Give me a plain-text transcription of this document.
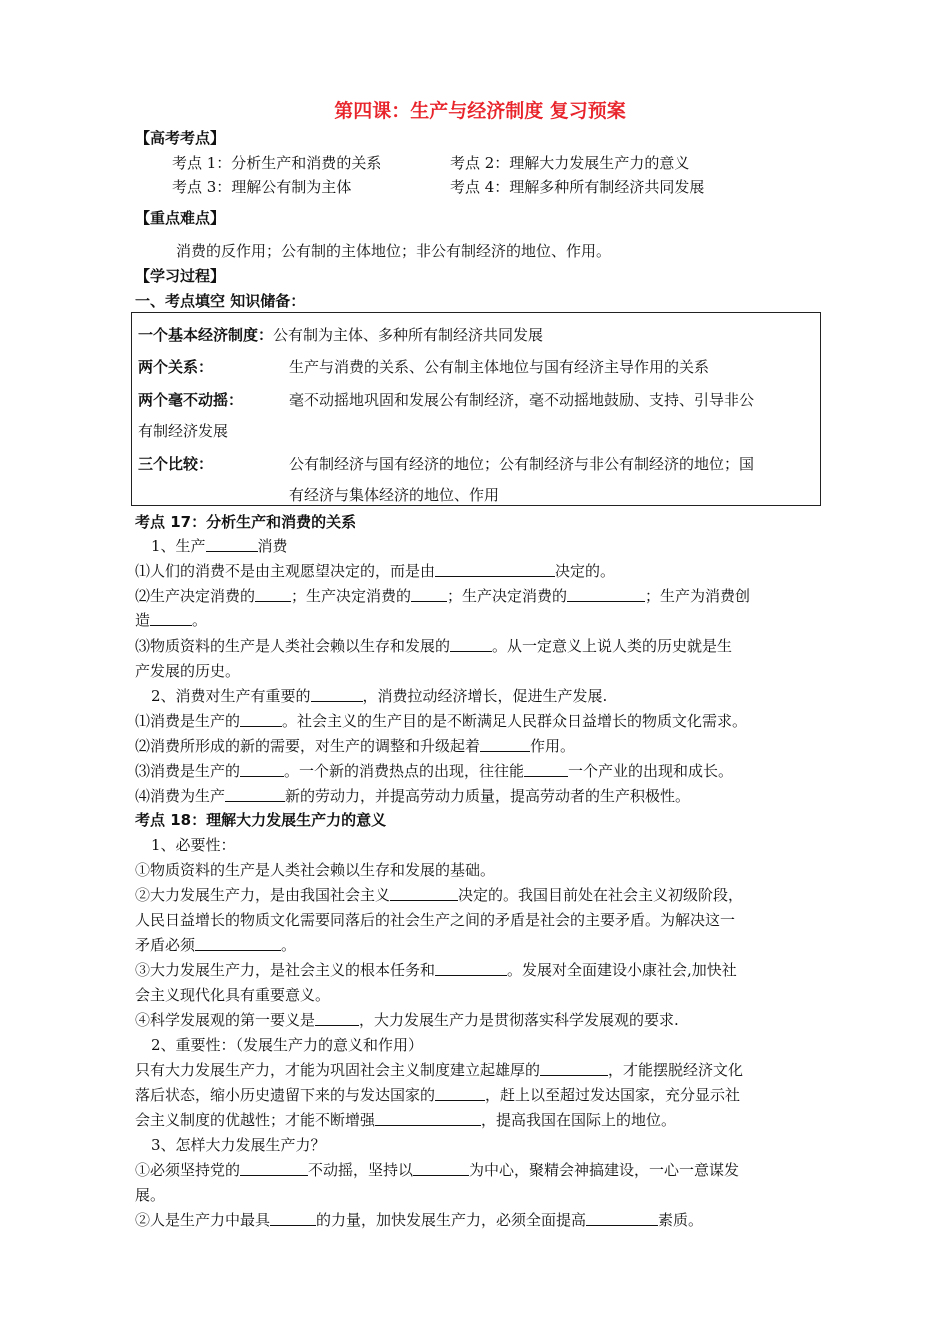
第四课：生产与经济制度 复习预案
【高考考点】
考点 1：分析生产和消费的关系	考点 2：理解大力发展生产力的意义
考点 3：理解公有制为主体	考点 4：理解多种所有制经济共同发展
【重点难点】
消费的反作用；公有制的主体地位；非公有制经济的地位、作用。
【学习过程】
一、考点填空 知识储备：
一个基本经济制度：公有制为主体、多种所有制经济共同发展
两个关系：	生产与消费的关系、公有制主体地位与国有经济主导作用的关系
两个毫不动摇：	毫不动摇地巩固和发展公有制经济，毫不动摇地鼓励、支持、引导非公
有制经济发展
三个比较：	公有制经济与国有经济的地位；公有制经济与非公有制经济的地位；国
有经济与集体经济的地位、作用
考点 17：分析生产和消费的关系
1、生产	消费
⑴人们的消费不是由主观愿望决定的，而是由	决定的。
⑵生产决定消费的 ；生产决定消费的 ；生产决定消费的	；生产为消费创
造	。
⑶物质资料的生产是人类社会赖以生存和发展的	。从一定意义上说人类的历史就是生
产发展的历史。
2、消费对生产有重要的	，消费拉动经济增长，促进生产发展.
⑴消费是生产的	。社会主义的生产目的是不断满足人民群众日益增长的物质文化需求。
⑵消费所形成的新的需要，对生产的调整和升级起着	作用。
⑶消费是生产的	。一个新的消费热点的出现，往往能	一个产业的出现和成长。
⑷消费为生产	新的劳动力，并提高劳动力质量，提高劳动者的生产积极性。
考点 18：理解大力发展生产力的意义
1、必要性：
①物质资料的生产是人类社会赖以生存和发展的基础。
②大力发展生产力，是由我国社会主义	决定的。我国目前处在社会主义初级阶段，
人民日益增长的物质文化需要同落后的社会生产之间的矛盾是社会的主要矛盾。为解决这一
矛盾必须	。
③大力发展生产力，是社会主义的根本任务和	。发展对全面建设小康社会,加快社
会主义现代化具有重要意义。
④科学发展观的第一要义是	，大力发展生产力是贯彻落实科学发展观的要求.
2、重要性：（发展生产力的意义和作用）
只有大力发展生产力，才能为巩固社会主义制度建立起雄厚的	，才能摆脱经济文化
落后状态，缩小历史遗留下来的与发达国家的	，赶上以至超过发达国家，充分显示社
会主义制度的优越性；才能不断增强	，提高我国在国际上的地位。
3、怎样大力发展生产力？
①必须坚持党的	不动摇，坚持以	为中心，聚精会神搞建设，一心一意谋发
展。
②人是生产力中最具	的力量，加快发展生产力，必须全面提高	素质。
